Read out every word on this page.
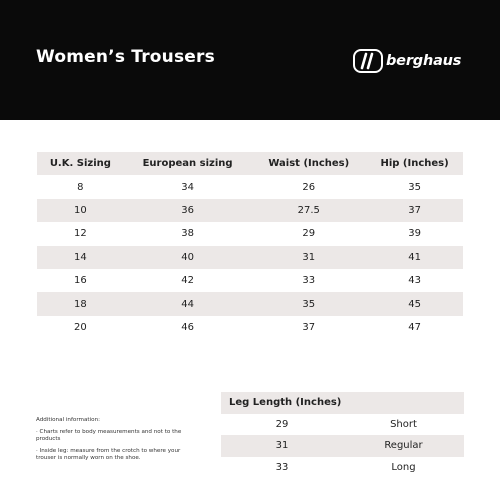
Women’s Trousers	berghaus
U.K. Sizing	European sizing	Waist (Inches)	Hip (Inches)
8	34	26	35
10	36	27.5	37
12	38	29	39
14	40	31	41
16	42	33	43
18	44	35	45
20	46	37	47

Additional information:

· Charts refer to body measurements and not to the products

· Inside leg: measure from the crotch to where your trouser is normally worn on the shoe.

Leg Length (Inches)	
29	Short
31	Regular
33	Long
